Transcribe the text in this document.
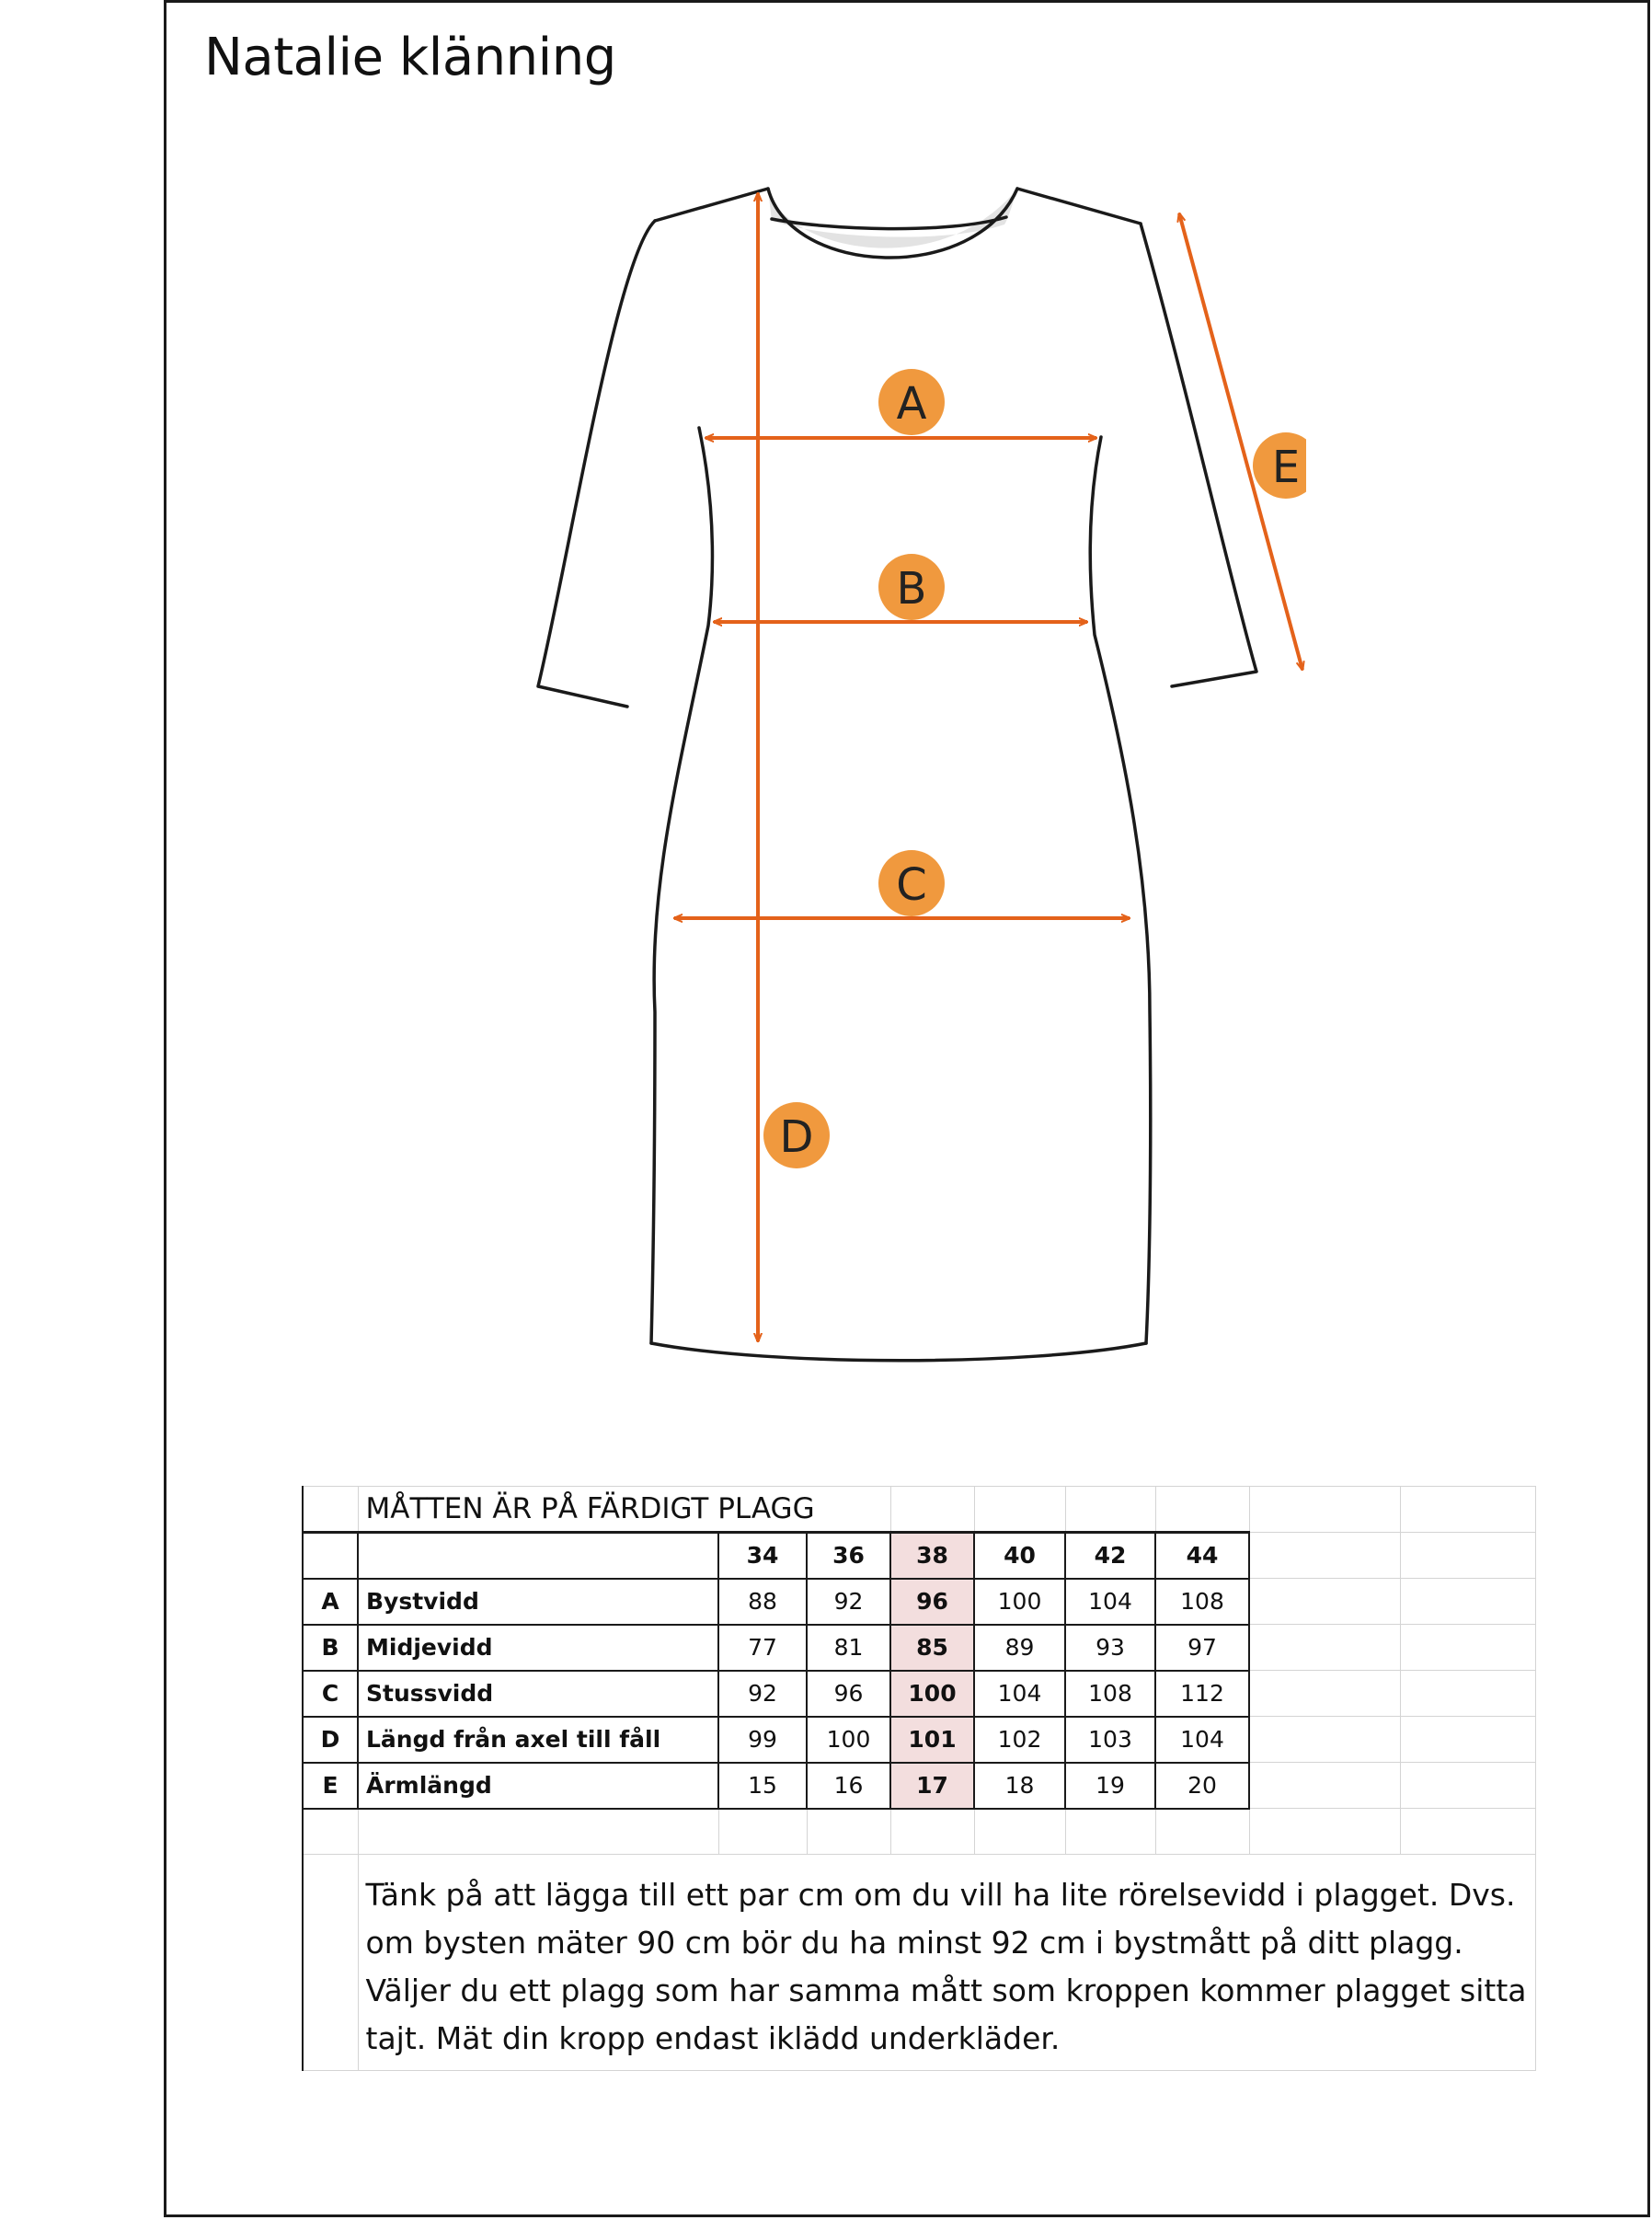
Natalie klänning
A
B
C
D
E
	MÅTTEN ÄR PÅ FÄRDIGT PLAGG								
		34	36	38	40	42	44		
A	Bystvidd	88	92	96	100	104	108		
B	Midjevidd	77	81	85	89	93	97		
C	Stussvidd	92	96	100	104	108	112		
D	Längd från axel till fåll	99	100	101	102	103	104		
E	Ärmlängd	15	16	17	18	19	20		

	Tänk på att lägga till ett par cm om du vill ha lite rörelsevidd i plagget. Dvs. om bysten mäter 90 cm bör du ha minst 92 cm i bystmått på ditt plagg. Väljer du ett plagg som har samma mått som kroppen kommer plagget sitta tajt. Mät din kropp endast iklädd underkläder.								
